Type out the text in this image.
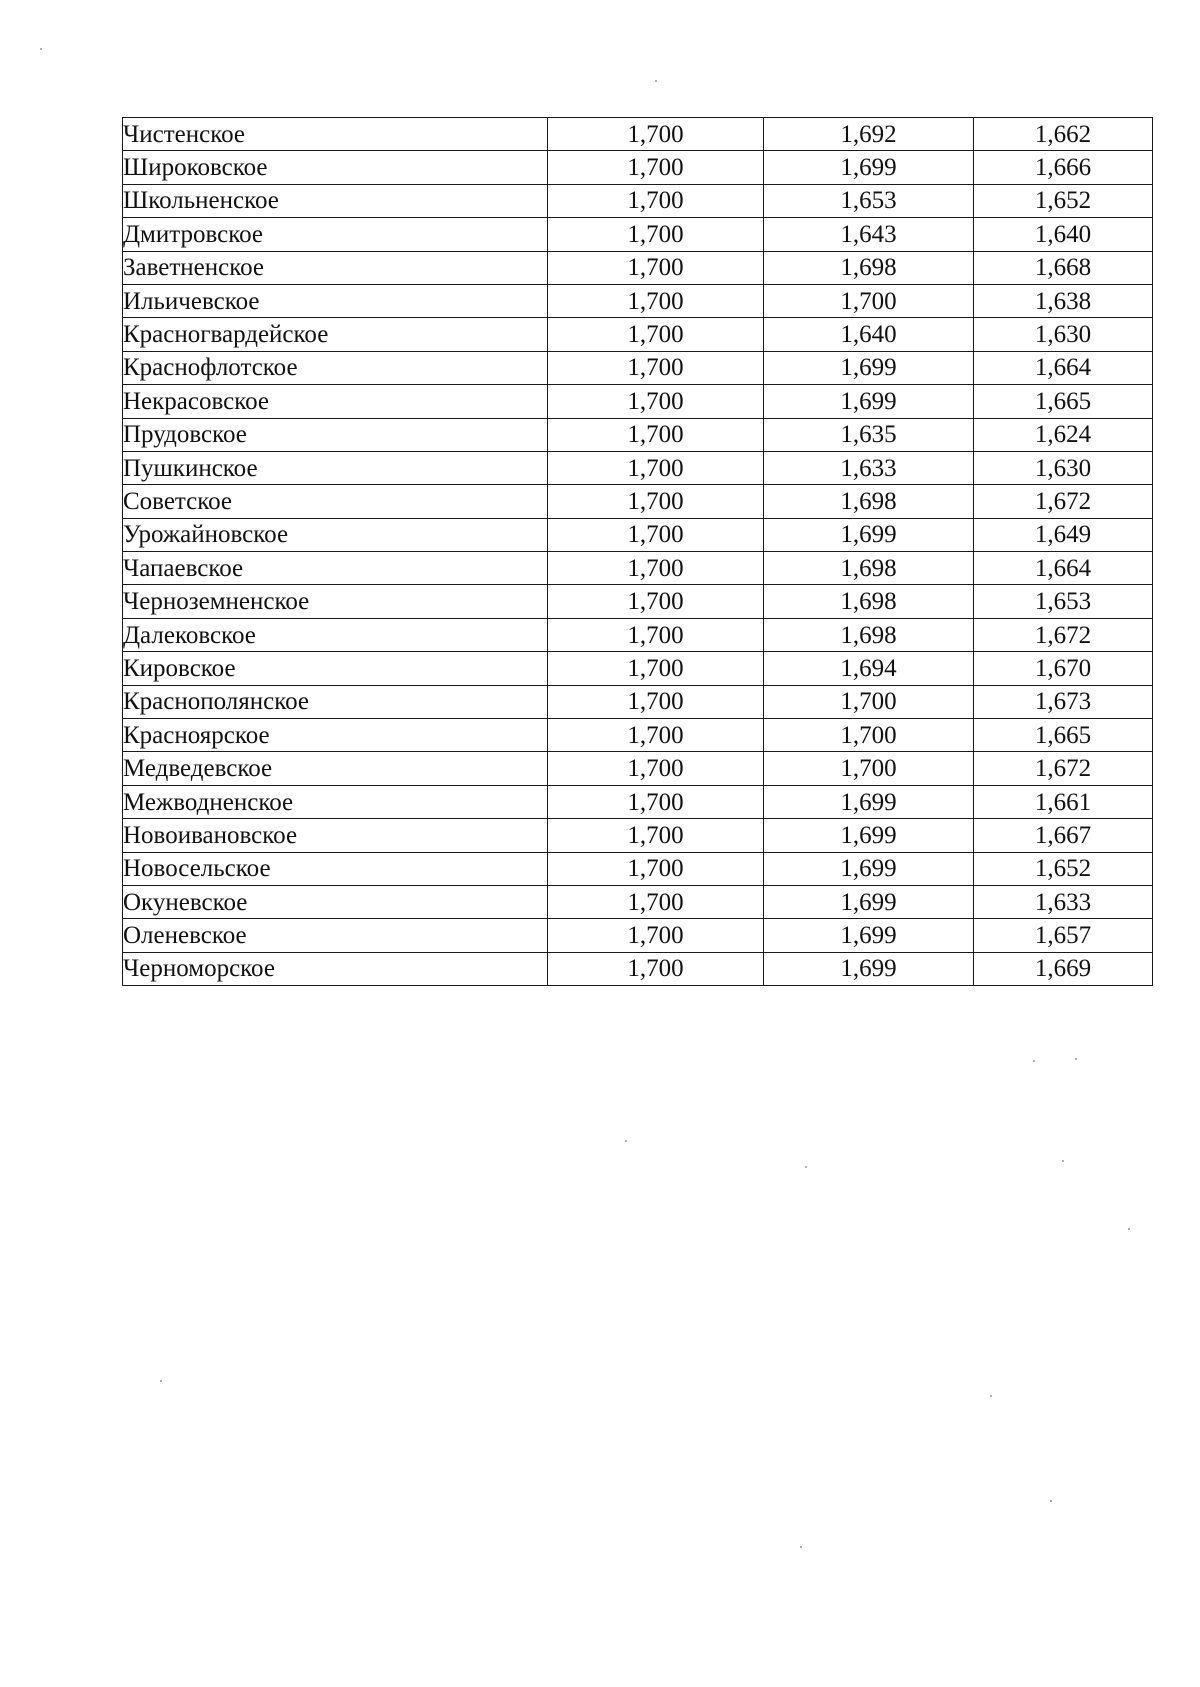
Чистенское	1,700	1,692	1,662
Широковское	1,700	1,699	1,666
Школьненское	1,700	1,653	1,652
Дмитровское	1,700	1,643	1,640
Заветненское	1,700	1,698	1,668
Ильичевское	1,700	1,700	1,638
Красногвардейское	1,700	1,640	1,630
Краснофлотское	1,700	1,699	1,664
Некрасовское	1,700	1,699	1,665
Прудовское	1,700	1,635	1,624
Пушкинское	1,700	1,633	1,630
Советское	1,700	1,698	1,672
Урожайновское	1,700	1,699	1,649
Чапаевское	1,700	1,698	1,664
Черноземненское	1,700	1,698	1,653
Далековское	1,700	1,698	1,672
Кировское	1,700	1,694	1,670
Краснополянское	1,700	1,700	1,673
Красноярское	1,700	1,700	1,665
Медведевское	1,700	1,700	1,672
Межводненское	1,700	1,699	1,661
Новоивановское	1,700	1,699	1,667
Новосельское	1,700	1,699	1,652
Окуневское	1,700	1,699	1,633
Оленевское	1,700	1,699	1,657
Черноморское	1,700	1,699	1,669
